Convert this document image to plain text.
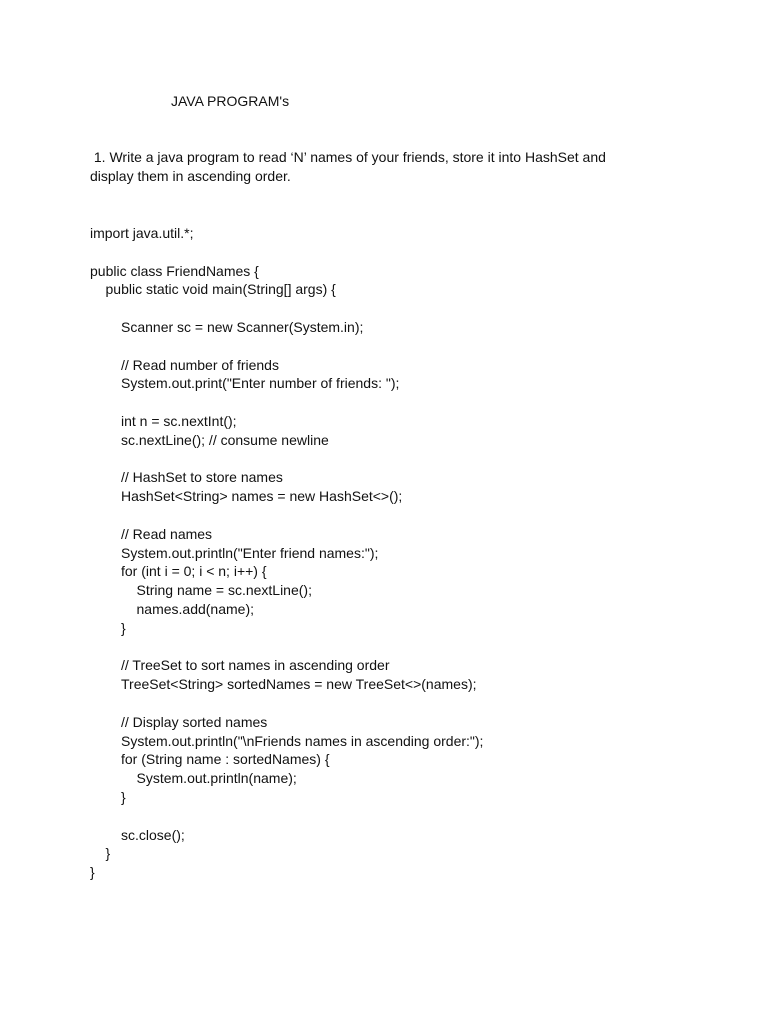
JAVA PROGRAM's
1. Write a java program to read ‘N’ names of your friends, store it into HashSet and
display them in ascending order.
import java.util.*;
public class FriendNames {
public static void main(String[] args) {
Scanner sc = new Scanner(System.in);
// Read number of friends
System.out.print("Enter number of friends: ");
int n = sc.nextInt();
sc.nextLine(); // consume newline
// HashSet to store names
HashSet<String> names = new HashSet<>();
// Read names
System.out.println("Enter friend names:");
for (int i = 0; i < n; i++) {
String name = sc.nextLine();
names.add(name);
}
// TreeSet to sort names in ascending order
TreeSet<String> sortedNames = new TreeSet<>(names);
// Display sorted names
System.out.println("\nFriends names in ascending order:");
for (String name : sortedNames) {
System.out.println(name);
}
sc.close();
}
}
